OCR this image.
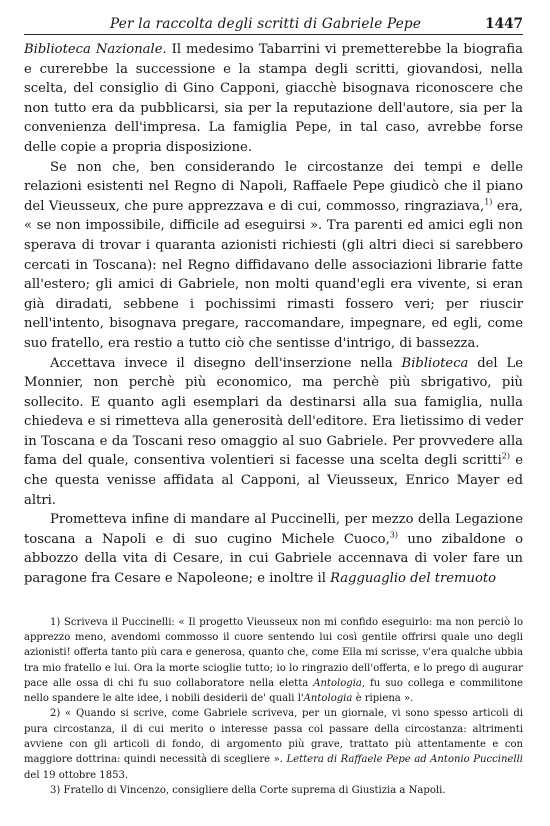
Per la raccolta degli scritti di Gabriele Pepe	1447

Biblioteca Nazionale. Il medesimo Tabarrini vi premetterebbe la biografia e curerebbe la successione e la stampa degli scritti, giovandosi, nella scelta, del consiglio di Gino Capponi, giacchè bisognava riconoscere che non tutto era da pubblicarsi, sia per la reputazione dell'autore, sia per la convenienza dell'impresa. La famiglia Pepe, in tal caso, avrebbe forse delle copie a propria disposizione.

Se non che, ben considerando le circostanze dei tempi e delle relazioni esistenti nel Regno di Napoli, Raffaele Pepe giudicò che il piano del Vieusseux, che pure apprezzava e di cui, commosso, ringraziava,$^{1)}$ era, « se non impossibile, difficile ad eseguirsi ». Tra parenti ed amici egli non sperava di trovar i quaranta azionisti richiesti (gli altri dieci si sarebbero cercati in Toscana): nel Regno diffidavano delle associazioni librarie fatte all'estero; gli amici di Gabriele, non molti quand'egli era vivente, si eran già diradati, sebbene i pochissimi rimasti fossero veri; per riuscir nell'intento, bisognava pregare, raccomandare, impegnare, ed egli, come suo fratello, era restio a tutto ciò che sentisse d'intrigo, di bassezza.

Accettava invece il disegno dell'inserzione nella Biblioteca del Le Monnier, non perchè più economico, ma perchè più sbrigativo, più sollecito. E quanto agli esemplari da destinarsi alla sua famiglia, nulla chiedeva e si rimetteva alla generosità dell'editore. Era lietissimo di veder in Toscana e da Toscani reso omaggio al suo Gabriele. Per provvedere alla fama del quale, consentiva volentieri si facesse una scelta degli scritti$^{2)}$ e che questa venisse affidata al Capponi, al Vieusseux, Enrico Mayer ed altri.

Prometteva infine di mandare al Puccinelli, per mezzo della Legazione toscana a Napoli e di suo cugino Michele Cuoco,$^{3)}$ uno zibaldone o abbozzo della vita di Cesare, in cui Gabriele accennava di voler fare un paragone fra Cesare e Napoleone; e inoltre il Ragguaglio del tremuoto

1) Scriveva il Puccinelli: « Il progetto Vieusseux non mi confido eseguirlo: ma non perciò lo apprezzo meno, avendomi commosso il cuore sentendo lui così gentile offrirsi quale uno degli azionisti! offerta tanto più cara e generosa, quanto che, come Ella mi scrisse, v'era qualche ubbia tra mio fratello e lui. Ora la morte scioglie tutto; io lo ringrazio dell'offerta, e lo prego di augurar pace alle ossa di chi fu suo collaboratore nella eletta Antologia, fu suo collega e commilitone nello spandere le alte idee, i nobili desiderii de' quali l'Antologia è ripiena ».

2) « Quando si scrive, come Gabriele scriveva, per un giornale, vi sono spesso articoli di pura circostanza, il di cui merito o interesse passa col passare della circostanza: altrimenti avviene con gli articoli di fondo, di argomento più grave, trattato più attentamente e con maggiore dottrina: quindi necessità di scegliere ». Lettera di Raffaele Pepe ad Antonio Puccinelli del 19 ottobre 1853.

3) Fratello di Vincenzo, consigliere della Corte suprema di Giustizia a Napoli.
